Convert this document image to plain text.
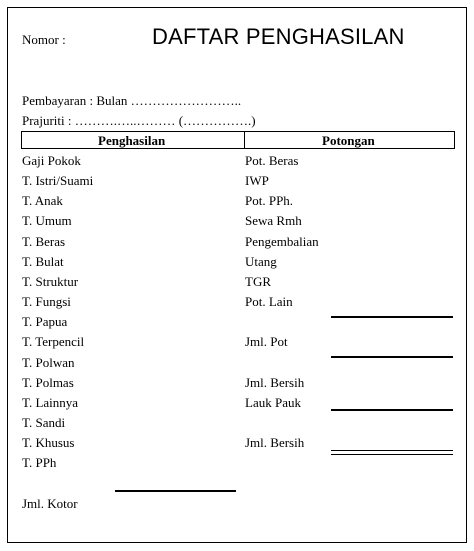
Nomor :	DAFTAR PENGHASILAN
Pembayaran : Bulan ……………………..
Prajuriti : ……….…..……… (…………….)
Penghasilan	Potongan
Gaji Pokok
T. Istri/Suami
T. Anak
T. Umum
T. Beras
T. Bulat
T. Struktur
T. Fungsi
T. Papua
T. Terpencil
T. Polwan
T. Polmas
T. Lainnya
T. Sandi
T. Khusus
T. PPh
Jml. Kotor
Pot. Beras
IWP
Pot. PPh.
Sewa Rmh
Pengembalian
Utang
TGR
Pot. Lain
Jml. Pot
Jml. Bersih
Lauk Pauk
Jml. Bersih
